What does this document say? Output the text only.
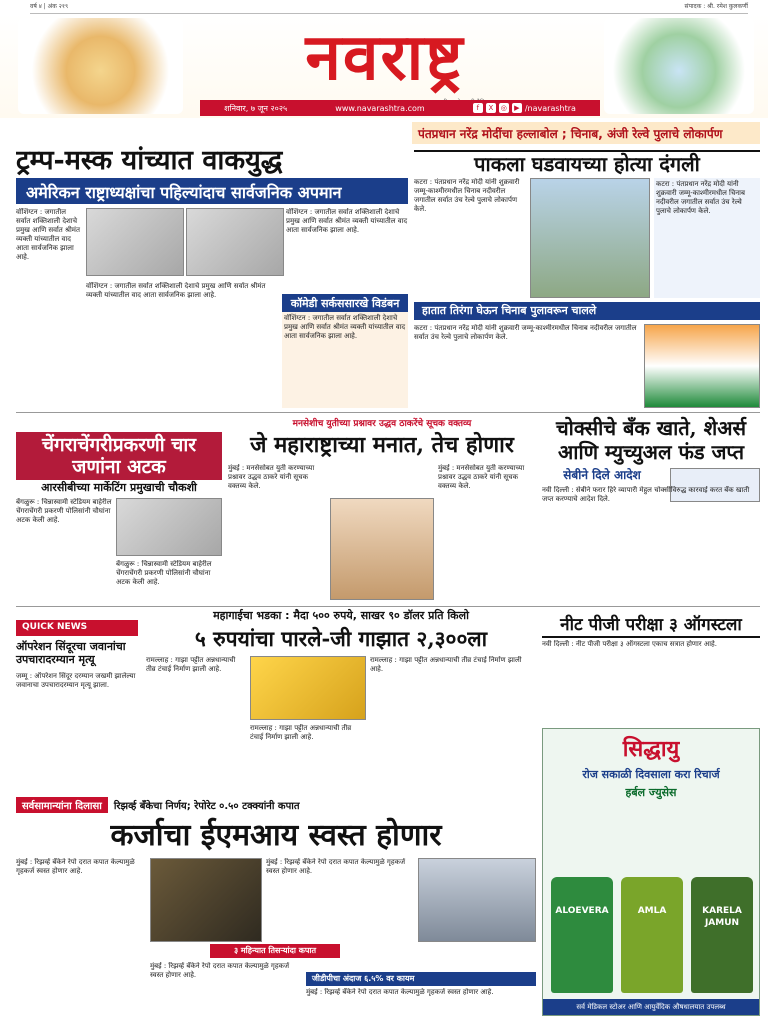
वर्ष ४ | अंक २१९	संपादक : श्री. रमेश कुलकर्णी
नवराष्ट्र
शनिवार, ७ जून २०२५	www.navarashtra.com	f	X	◎	▶ /navarashtra
ट्रम्प-मस्क यांच्यात वाकयुद्ध
अमेरिकन राष्ट्राध्यक्षांचा पहिल्यांदाच सार्वजनिक अपमान
वॉशिंग्टन : जगातील सर्वात शक्तिशाली देशाचे प्रमुख आणि सर्वात श्रीमंत व्यक्ती यांच्यातील वाद आता सार्वजनिक झाला आहे.
वॉशिंग्टन : जगातील सर्वात शक्तिशाली देशाचे प्रमुख आणि सर्वात श्रीमंत व्यक्ती यांच्यातील वाद आता सार्वजनिक झाला आहे.
वॉशिंग्टन : जगातील सर्वात शक्तिशाली देशाचे प्रमुख आणि सर्वात श्रीमंत व्यक्ती यांच्यातील वाद आता सार्वजनिक झाला आहे.
कॉमेडी सर्कससारखे विडंबन
वॉशिंग्टन : जगातील सर्वात शक्तिशाली देशाचे प्रमुख आणि सर्वात श्रीमंत व्यक्ती यांच्यातील वाद आता सार्वजनिक झाला आहे.
पंतप्रधान नरेंद्र मोदींचा हल्लाबोल ; चिनाब, अंजी रेल्वे पुलाचे लोकार्पण
पाकला घडवायच्या होत्या दंगली
कटरा : पंतप्रधान नरेंद्र मोदी यांनी शुक्रवारी जम्मू-काश्मीरमधील चिनाब नदीवरील जगातील सर्वात उंच रेल्वे पुलाचे लोकार्पण केले.
कटरा : पंतप्रधान नरेंद्र मोदी यांनी शुक्रवारी जम्मू-काश्मीरमधील चिनाब नदीवरील जगातील सर्वात उंच रेल्वे पुलाचे लोकार्पण केले.
हातात तिरंगा घेऊन चिनाब पुलावरून चालले
कटरा : पंतप्रधान नरेंद्र मोदी यांनी शुक्रवारी जम्मू-काश्मीरमधील चिनाब नदीवरील जगातील सर्वात उंच रेल्वे पुलाचे लोकार्पण केले.
चेंगराचेंगरीप्रकरणी चार जणांना अटक
आरसीबीच्या मार्केटिंग प्रमुखाची चौकशी
बेंगळुरू : चिन्नास्वामी स्टेडियम बाहेरील चेंगराचेंगरी प्रकरणी पोलिसांनी चौघांना अटक केली आहे.
बेंगळुरू : चिन्नास्वामी स्टेडियम बाहेरील चेंगराचेंगरी प्रकरणी पोलिसांनी चौघांना अटक केली आहे.
मनसेशीच युतीच्या प्रश्नावर उद्धव ठाकरेंचे सूचक वक्तव्य
जे महाराष्ट्राच्या मनात, तेच होणार
मुंबई : मनसेसोबत युती करण्याच्या प्रश्नावर उद्धव ठाकरे यांनी सूचक वक्तव्य केले.
मुंबई : मनसेसोबत युती करण्याच्या प्रश्नावर उद्धव ठाकरे यांनी सूचक वक्तव्य केले.
चोक्सीचे बँक खाते, शेअर्स आणि म्युच्युअल फंड जप्त
सेबीने दिले आदेश
नवी दिल्ली : सेबीने फरार हिरे व्यापारी मेहुल चोक्सीविरुद्ध कारवाई करत बँक खाती जप्त करण्याचे आदेश दिले.
QUICK NEWS
ऑपरेशन सिंदूरचा जवानांचा उपचारादरम्यान मृत्यू
जम्मू : ऑपरेशन सिंदूर दरम्यान जखमी झालेल्या जवानाचा उपचारादरम्यान मृत्यू झाला.
महागाईचा भडका : मैदा ५०० रुपये, साखर ९० डॉलर प्रति किलो
५ रुपयांचा पारले-जी गाझात २,३००ला
रामल्लाह : गाझा पट्टीत अन्नधान्याची तीव्र टंचाई निर्माण झाली आहे.
रामल्लाह : गाझा पट्टीत अन्नधान्याची तीव्र टंचाई निर्माण झाली आहे.
रामल्लाह : गाझा पट्टीत अन्नधान्याची तीव्र टंचाई निर्माण झाली आहे.
नीट पीजी परीक्षा ३ ऑगस्टला
नवी दिल्ली : नीट पीजी परीक्षा ३ ऑगस्टला एकाच सत्रात होणार आहे.
सिद्धायु
रोज सकाळी दिवसाला करा रिचार्ज
हर्बल ज्युसेस
ALOEVERA	AMLA	KARELA JAMUN
सर्व मेडिकल स्टोअर आणि आयुर्वेदिक औषधालयात उपलब्ध
सर्वसामान्यांना दिलासा	रिझर्व्ह बँकेचा निर्णय; रेपोरेट ०.५० टक्क्यांनी कपात
कर्जाचा ईएमआय स्वस्त होणार
मुंबई : रिझर्व्ह बँकेने रेपो दरात कपात केल्यामुळे गृहकर्ज स्वस्त होणार आहे.
३ महिन्यात तिसऱ्यांदा कपात
मुंबई : रिझर्व्ह बँकेने रेपो दरात कपात केल्यामुळे गृहकर्ज स्वस्त होणार आहे.
मुंबई : रिझर्व्ह बँकेने रेपो दरात कपात केल्यामुळे गृहकर्ज स्वस्त होणार आहे.
जीडीपीचा अंदाज ६.५% वर कायम
मुंबई : रिझर्व्ह बँकेने रेपो दरात कपात केल्यामुळे गृहकर्ज स्वस्त होणार आहे.
